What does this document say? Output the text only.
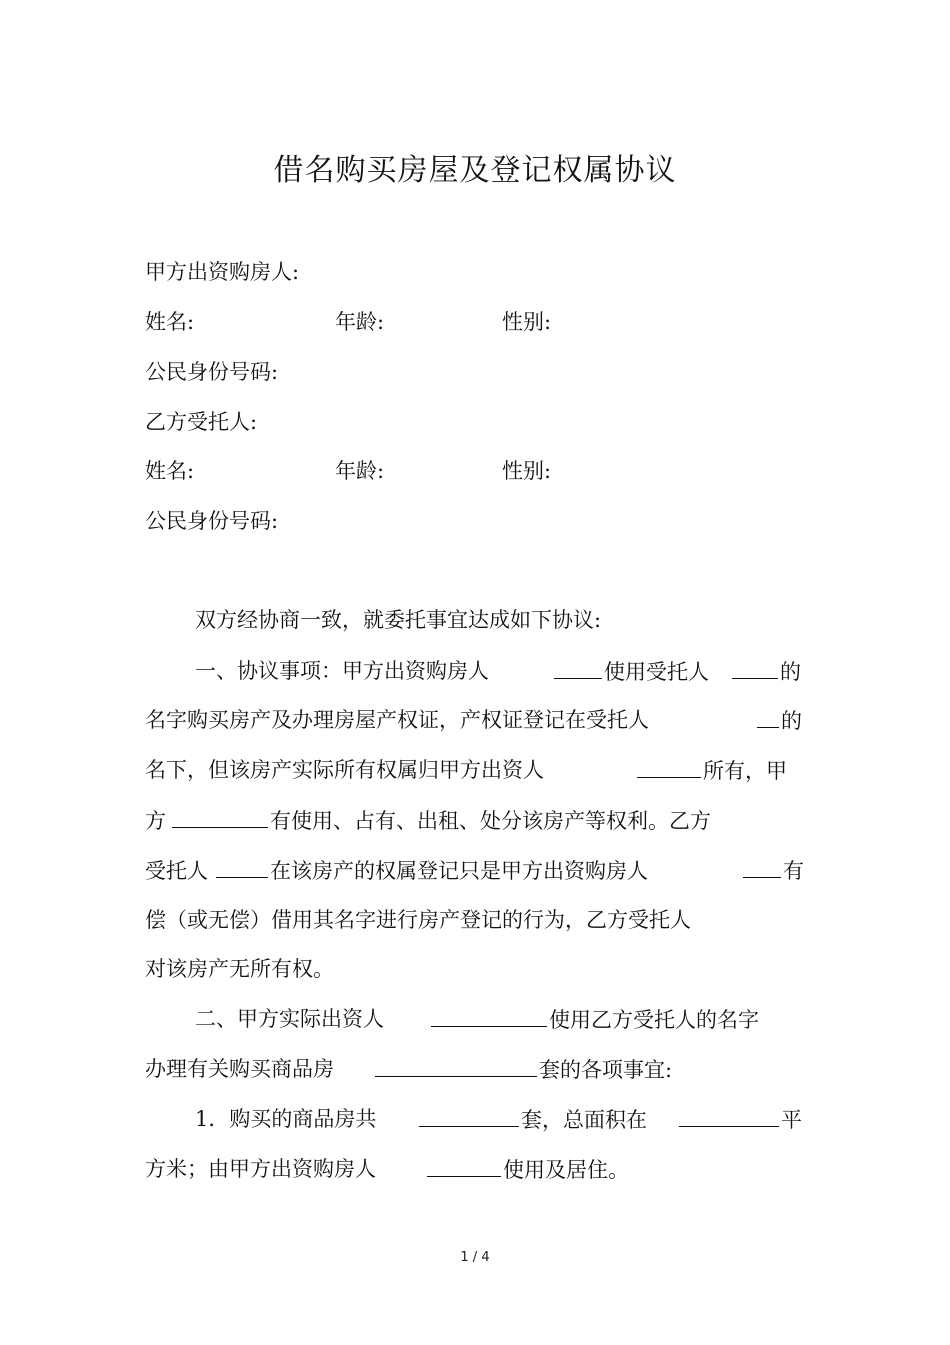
借名购买房屋及登记权属协议
甲方出资购房人:
姓名:	年龄:	性别:
公民身份号码:
乙方受托人:
姓名:	年龄:	性别:
公民身份号码:
双方经协商一致，就委托事宜达成如下协议:
一、协议事项：甲方出资购房人	使用受托人	的
名字购买房产及办理房屋产权证，产权证登记在受托人	的
名下，但该房产实际所有权属归甲方出资人	所有，甲
方	有使用、占有、出租、处分该房产等权利。乙方
受托人	在该房产的权属登记只是甲方出资购房人	有
偿（或无偿）借用其名字进行房产登记的行为，乙方受托人
对该房产无所有权。
二、甲方实际出资人	使用乙方受托人的名字
办理有关购买商品房	套的各项事宜:
1．购买的商品房共	套，总面积在	平
方米；由甲方出资购房人	使用及居住。
1 / 4
